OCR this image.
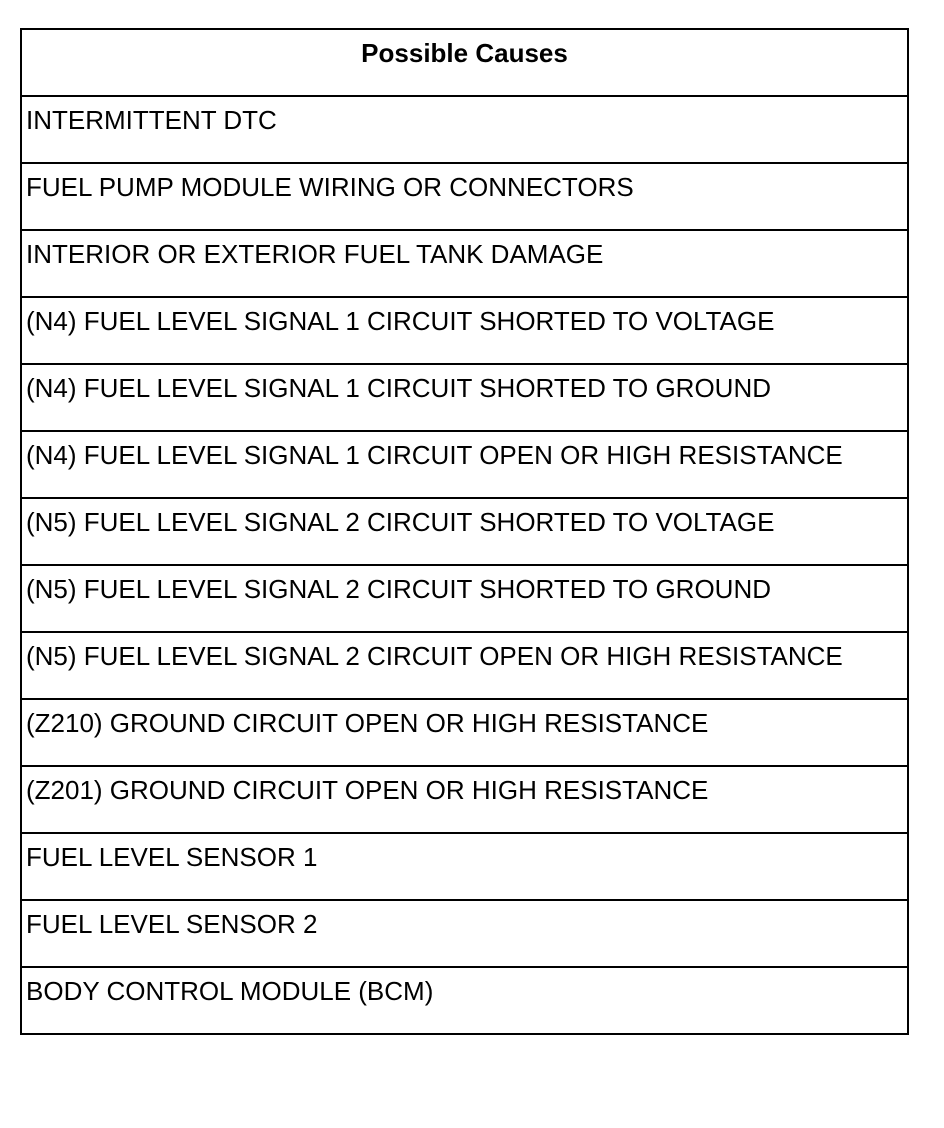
Possible Causes

INTERMITTENT DTC

FUEL PUMP MODULE WIRING OR CONNECTORS

INTERIOR OR EXTERIOR FUEL TANK DAMAGE

(N4) FUEL LEVEL SIGNAL 1 CIRCUIT SHORTED TO VOLTAGE

(N4) FUEL LEVEL SIGNAL 1 CIRCUIT SHORTED TO GROUND

(N4) FUEL LEVEL SIGNAL 1 CIRCUIT OPEN OR HIGH RESISTANCE

(N5) FUEL LEVEL SIGNAL 2 CIRCUIT SHORTED TO VOLTAGE

(N5) FUEL LEVEL SIGNAL 2 CIRCUIT SHORTED TO GROUND

(N5) FUEL LEVEL SIGNAL 2 CIRCUIT OPEN OR HIGH RESISTANCE

(Z210) GROUND CIRCUIT OPEN OR HIGH RESISTANCE

(Z201) GROUND CIRCUIT OPEN OR HIGH RESISTANCE

FUEL LEVEL SENSOR 1

FUEL LEVEL SENSOR 2

BODY CONTROL MODULE (BCM)
